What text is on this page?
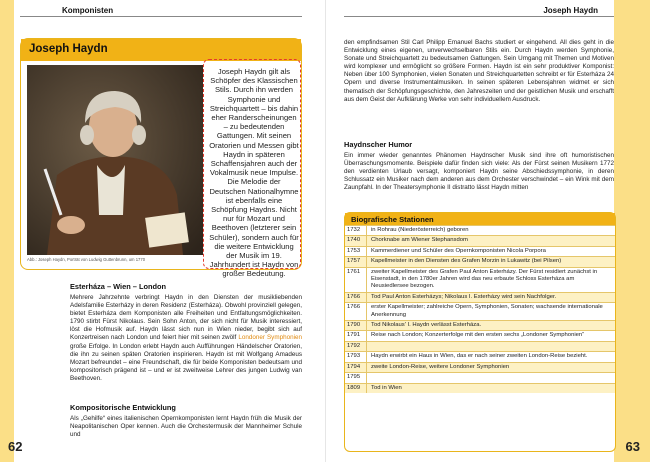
Komponisten
Joseph Haydn
Abb.: Joseph Haydn, Porträt von Ludwig Guttenbrunn, um 1770
Joseph Haydn gilt als Schöpfer des Klassischen Stils. Durch ihn werden Symphonie und Streichquartett – bis dahin eher Randerscheinungen – zu bedeutenden Gattungen. Mit seinen Oratorien und Messen gibt Haydn in späteren Schaffensjahren auch der Vokalmusik neue Impulse. Die Melodie der Deutschen Nationalhymne ist ebenfalls eine Schöpfung Haydns. Nicht nur für Mozart und Beethoven (letzterer sein Schüler), sondern auch für die weitere Entwicklung der Musik im 19. Jahrhundert ist Haydn von großer Bedeutung.
Esterháza – Wien – London
Mehrere Jahrzehnte verbringt Haydn in den Diensten der musikliebenden Adelsfamilie Esterházy in deren Residenz (Esterháza). Obwohl provinziell gelegen, bietet Esterháza dem Komponisten alle Freiheiten und Entfaltungsmöglichkeiten. 1790 stirbt Fürst Nikolaus. Sein Sohn Anton, der sich nicht für Musik interessiert, löst die Hofmusik auf. Haydn lässt sich nun in Wien nieder, begibt sich auf Konzertreisen nach London und feiert hier mit seinen zwölf Londoner Symphonien große Erfolge. In London erlebt Haydn auch Aufführungen Händelscher Oratorien, die ihn zu seinen späten Oratorien inspirieren. Haydn ist mit Wolfgang Amadeus Mozart befreundet – eine Freundschaft, die für beide Komponisten bedeutsam und kompositorisch prägend ist – und er ist zweitweise Lehrer des jungen Ludwig van Beethoven.
Kompositorische Entwicklung
Als „Gehilfe“ eines italienischen Opernkomponisten lernt Haydn früh die Musik der Neapolitanischen Oper kennen. Auch die Orchestermusik der Mannheimer Schule und
62
Joseph Haydn
den empfindsamen Stil Carl Philipp Emanuel Bachs studiert er eingehend. All dies geht in die Entwicklung eines eigenen, unverwechselbaren Stils ein. Durch Haydn werden Symphonie, Sonate und Streichquartett zu bedeutsamen Gattungen. Sein Umgang mit Themen und Motiven wird komplexer und ermöglicht so größere Formen. Haydn ist ein sehr produktiver Komponist: Neben über 100 Symphonien, vielen Sonaten und Streichquartetten schreibt er für Esterháza 24 Opern und diverse Instrumentalmusiken. In seinen späteren Lebensjahren widmet er sich thematisch der Schöpfungsgeschichte, den Jahreszeiten und der geistlichen Musik und erschafft aus dem Geist der Aufklärung Werke von sehr individuellem Ausdruck.
Haydnscher Humor
Ein immer wieder genanntes Phänomen Haydnscher Musik sind ihre oft humoristischen Überraschungsmomente. Beispiele dafür finden sich viele: Als der Fürst seinen Musikern 1772 den verdienten Urlaub versagt, komponiert Haydn seine Abschiedssymphonie, in deren Schlussatz ein Musiker nach dem anderen aus dem Orchester verschwindet – ein Wink mit dem Zaunpfahl. In der Theatersymphonie II distratto lässt Haydn mitten
Biografische Stationen
1732	in Rohrau (Niederösterreich) geboren
1740	Chorknabe am Wiener Stephansdom
1753	Kammerdiener und Schüler des Opernkomponisten Nicola Porpora
1757	Kapellmeister in den Diensten des Grafen Morzin in Lukawitz (bei Pilsen)
1761	zweiter Kapellmeister des Grafen Paul Anton Esterházy. Der Fürst residiert zunächst in Eisenstadt, in den 1780er Jahren wird das neu erbaute Schloss Esterháza am Neusiedlersee bezogen.
1766	Tod Paul Anton Esterházys; Nikolaus I. Esterházy wird sein Nachfolger.
1766	erster Kapellmeister; zahlreiche Opern, Symphonien, Sonaten; wachsende internationale Anerkennung
1790	Tod Nikolaus' I. Haydn verlässt Esterháza.
1791	Reise nach London; Konzerterfolge mit den ersten sechs „Londoner Symphonien“
1792
1793	Haydn erwirbt ein Haus in Wien, das er nach seiner zweiten London-Reise bezieht.
1794	zweite London-Reise, weitere Londoner Symphonien
1795
1809	Tod in Wien
63
